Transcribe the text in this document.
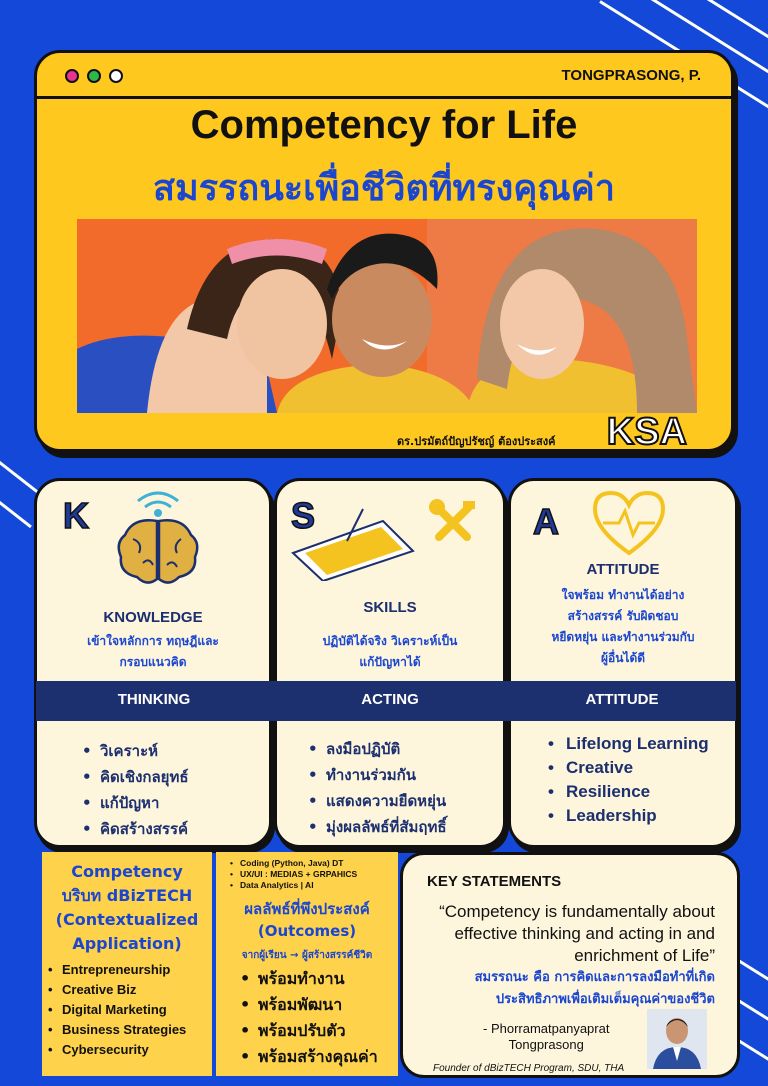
TONGPRASONG, P.
Competency for Life
สมรรถนะเพื่อชีวิตที่ทรงคุณค่า
ดร.ปรมัตถ์ปัญปรัชญ์ ต้องประสงค์ KSA
K
KNOWLEDGE
เข้าใจหลักการ ทฤษฎีและ
กรอบแนวคิด
S
SKILLS
ปฏิบัติได้จริง วิเคราะห์เป็น
แก้ปัญหาได้
A
ATTITUDE
ใจพร้อม ทำงานได้อย่าง
สร้างสรรค์ รับผิดชอบ
หยืดหยุ่น และทำงานร่วมกับ
ผู้อื่นได้ดี
THINKING	ACTING	ATTITUDE
• วิเคราะห์
• คิดเชิงกลยุทธ์
• แก้ปัญหา
• คิดสร้างสรรค์
• ลงมือปฏิบัติ
• ทำงานร่วมกัน
• แสดงความยืดหยุ่น
• มุ่งผลลัพธ์ที่สัมฤทธิ์
• Lifelong Learning
• Creative
• Resilience
• Leadership
Competency
บริบท dBizTECH
(Contextualized
Application)
• Entrepreneurship
• Creative Biz
• Digital Marketing
• Business Strategies
• Cybersecurity
• Coding (Python, Java) DT
• UX/UI : MEDIAS + GRPAHICS
• Data Analytics | AI
ผลลัพธ์ที่พึงประสงค์
(Outcomes)
จากผู้เรียน → ผู้สร้างสรรค์ชีวิต
• พร้อมทำงาน
• พร้อมพัฒนา
• พร้อมปรับตัว
• พร้อมสร้างคุณค่า
KEY STATEMENTS
“Competency is fundamentally about
effective thinking and acting in and
enrichment of Life”
สมรรถนะ คือ การคิดและการลงมือทำที่เกิด
ประสิทธิภาพเพื่อเติมเต็มคุณค่าของชีวิต
- Phorramatpanyaprat
Tongprasong
Founder of dBizTECH Program, SDU, THA
